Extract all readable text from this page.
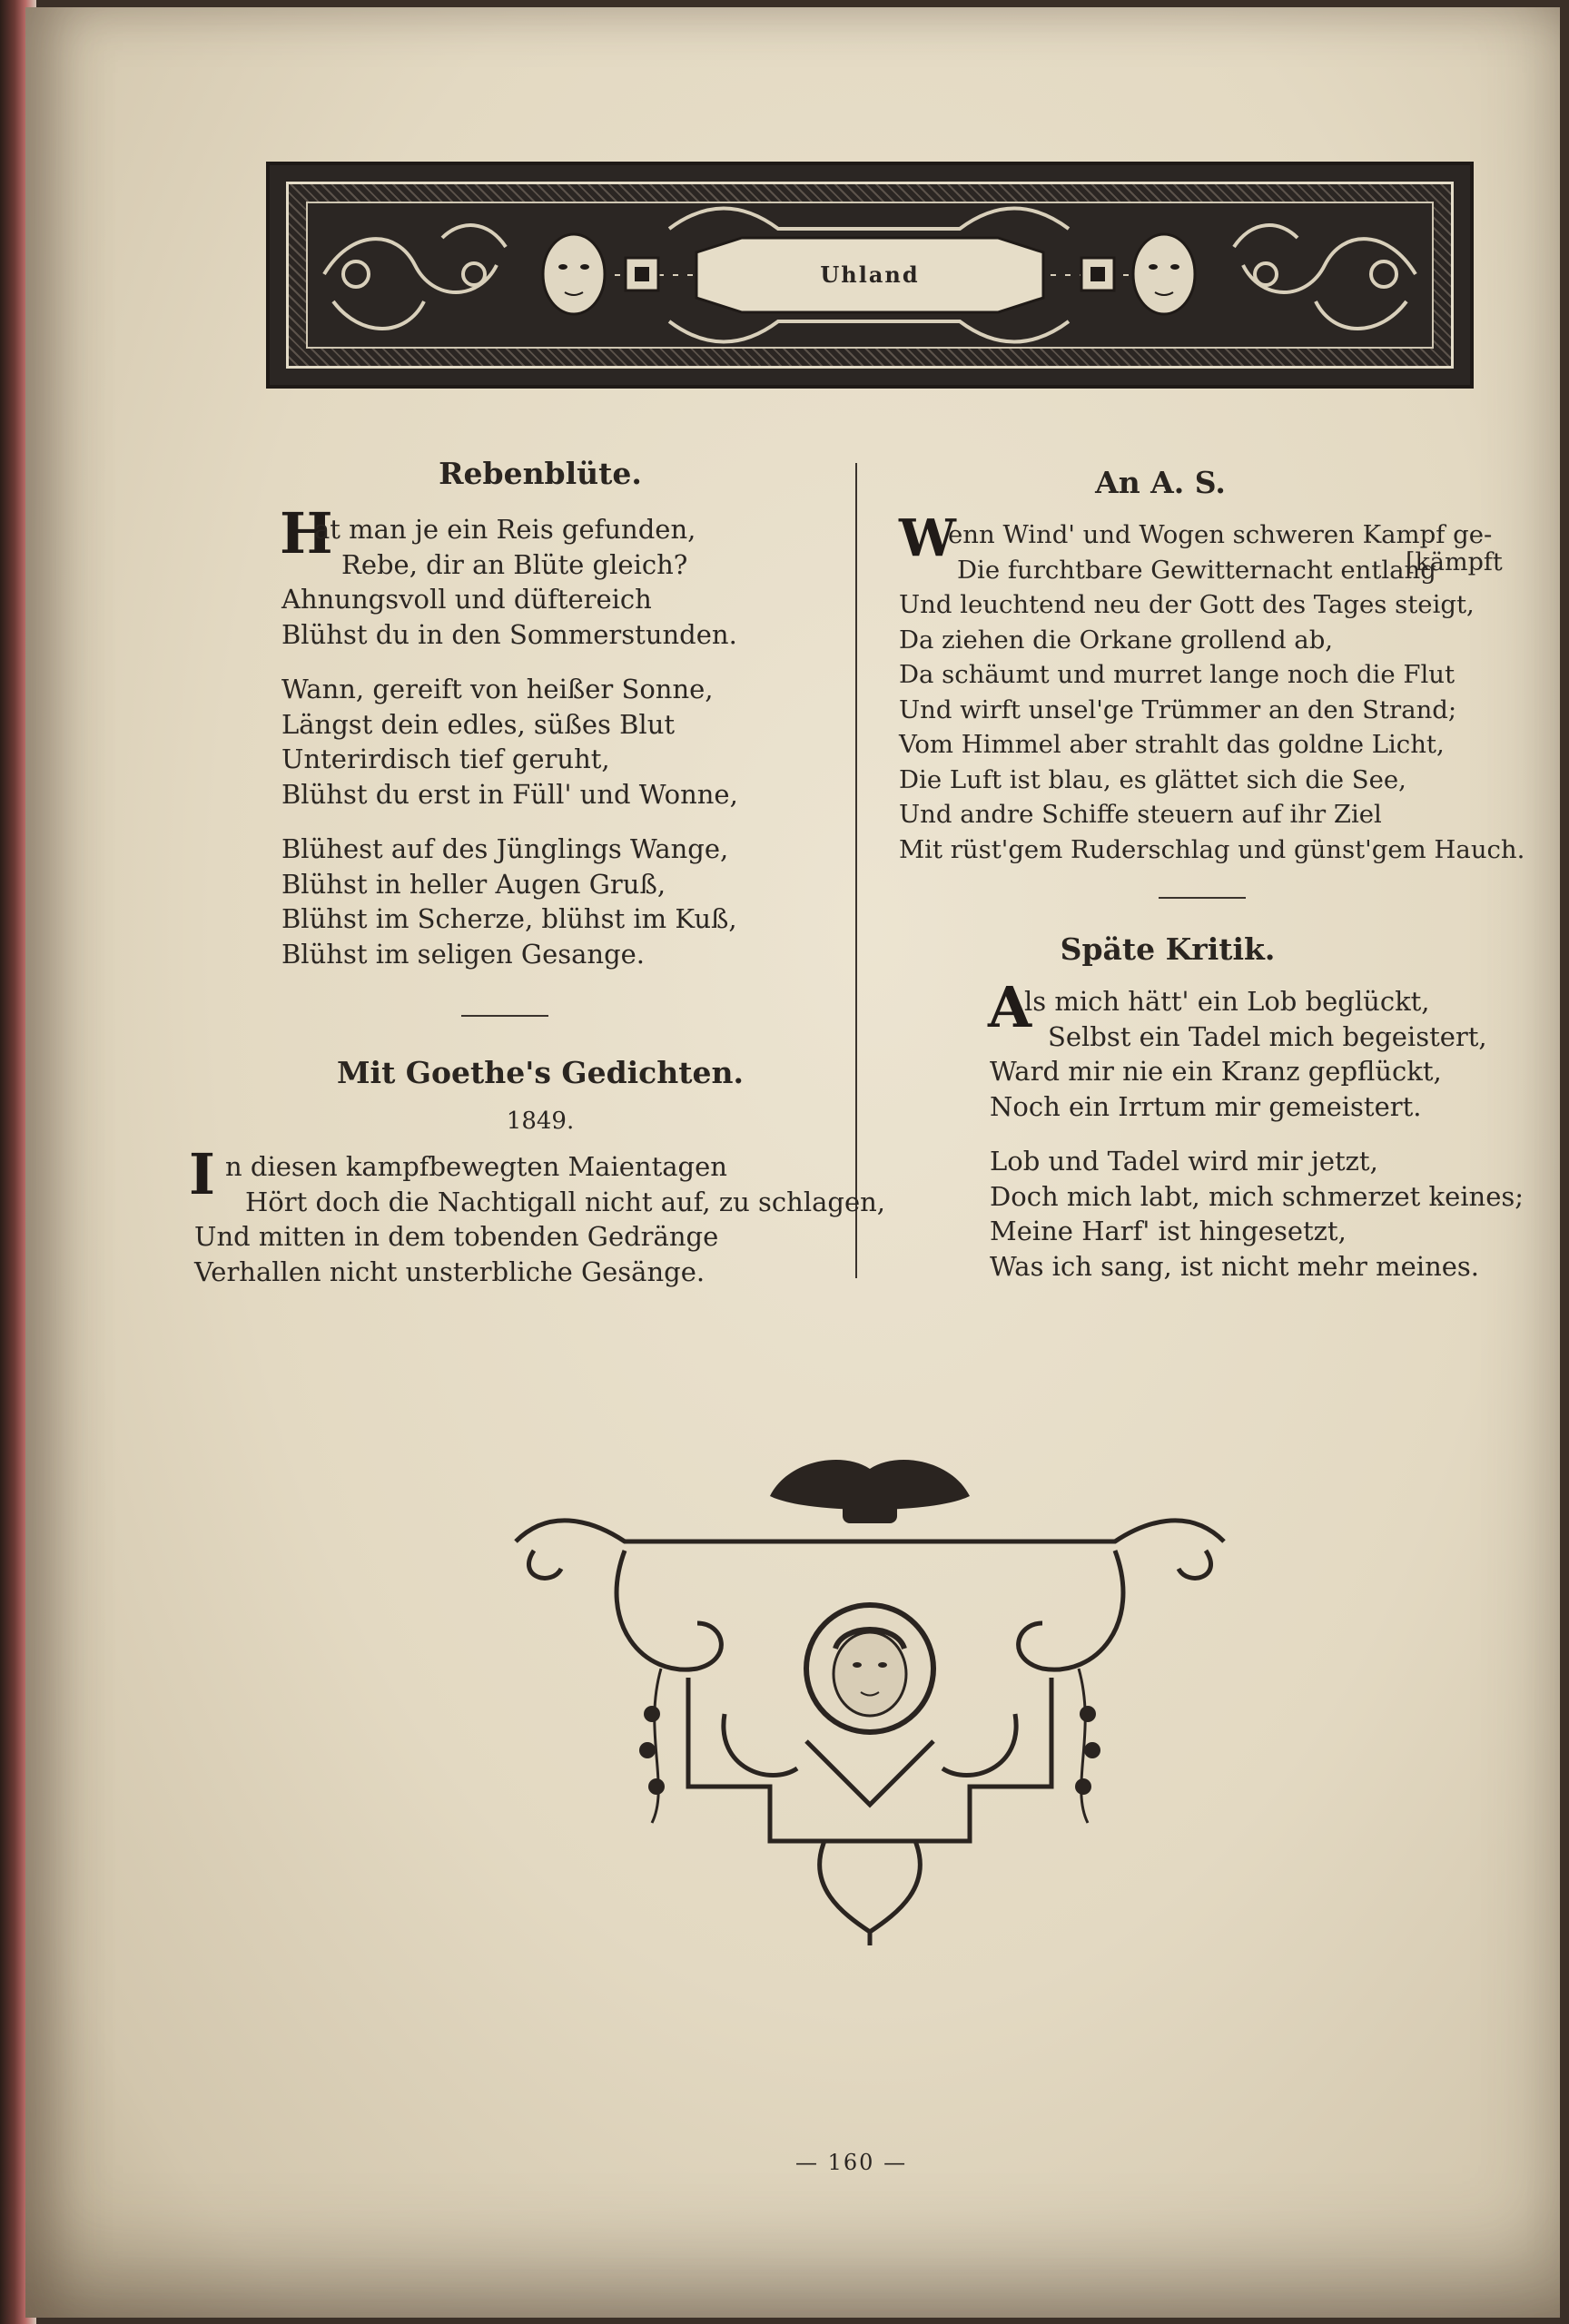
Uhland
Rebenblüte.
H
at man je ein Reis gefunden,
Rebe, dir an Blüte gleich?
Ahnungsvoll und düftereich
Blühst du in den Sommerstunden.
Wann, gereift von heißer Sonne,
Längst dein edles, süßes Blut
Unterirdisch tief geruht,
Blühst du erst in Füll' und Wonne,
Blühest auf des Jünglings Wange,
Blühst in heller Augen Gruß,
Blühst im Scherze, blühst im Kuß,
Blühst im seligen Gesange.
Mit Goethe's Gedichten.
1849.
I n diesen kampfbewegten Maientagen
Hört doch die Nachtigall nicht auf, zu schlagen,
Und mitten in dem tobenden Gedränge
Verhallen nicht unsterbliche Gesänge.
An A. S.
W
enn Wind' und Wogen schweren Kampf ge-
Die furchtbare Gewitternacht entlang
Und leuchtend neu der Gott des Tages steigt,
Da ziehen die Orkane grollend ab,
Da schäumt und murret lange noch die Flut
Und wirft unsel'ge Trümmer an den Strand;
Vom Himmel aber strahlt das goldne Licht,
Die Luft ist blau, es glättet sich die See,
Und andre Schiffe steuern auf ihr Ziel
Mit rüst'gem Ruderschlag und günst'gem Hauch.
[kämpft
Späte Kritik.
A
ls mich hätt' ein Lob beglückt,
Selbst ein Tadel mich begeistert,
Ward mir nie ein Kranz gepflückt,
Noch ein Irrtum mir gemeistert.
Lob und Tadel wird mir jetzt,
Doch mich labt, mich schmerzet keines;
Meine Harf' ist hingesetzt,
Was ich sang, ist nicht mehr meines.
— 160 —
